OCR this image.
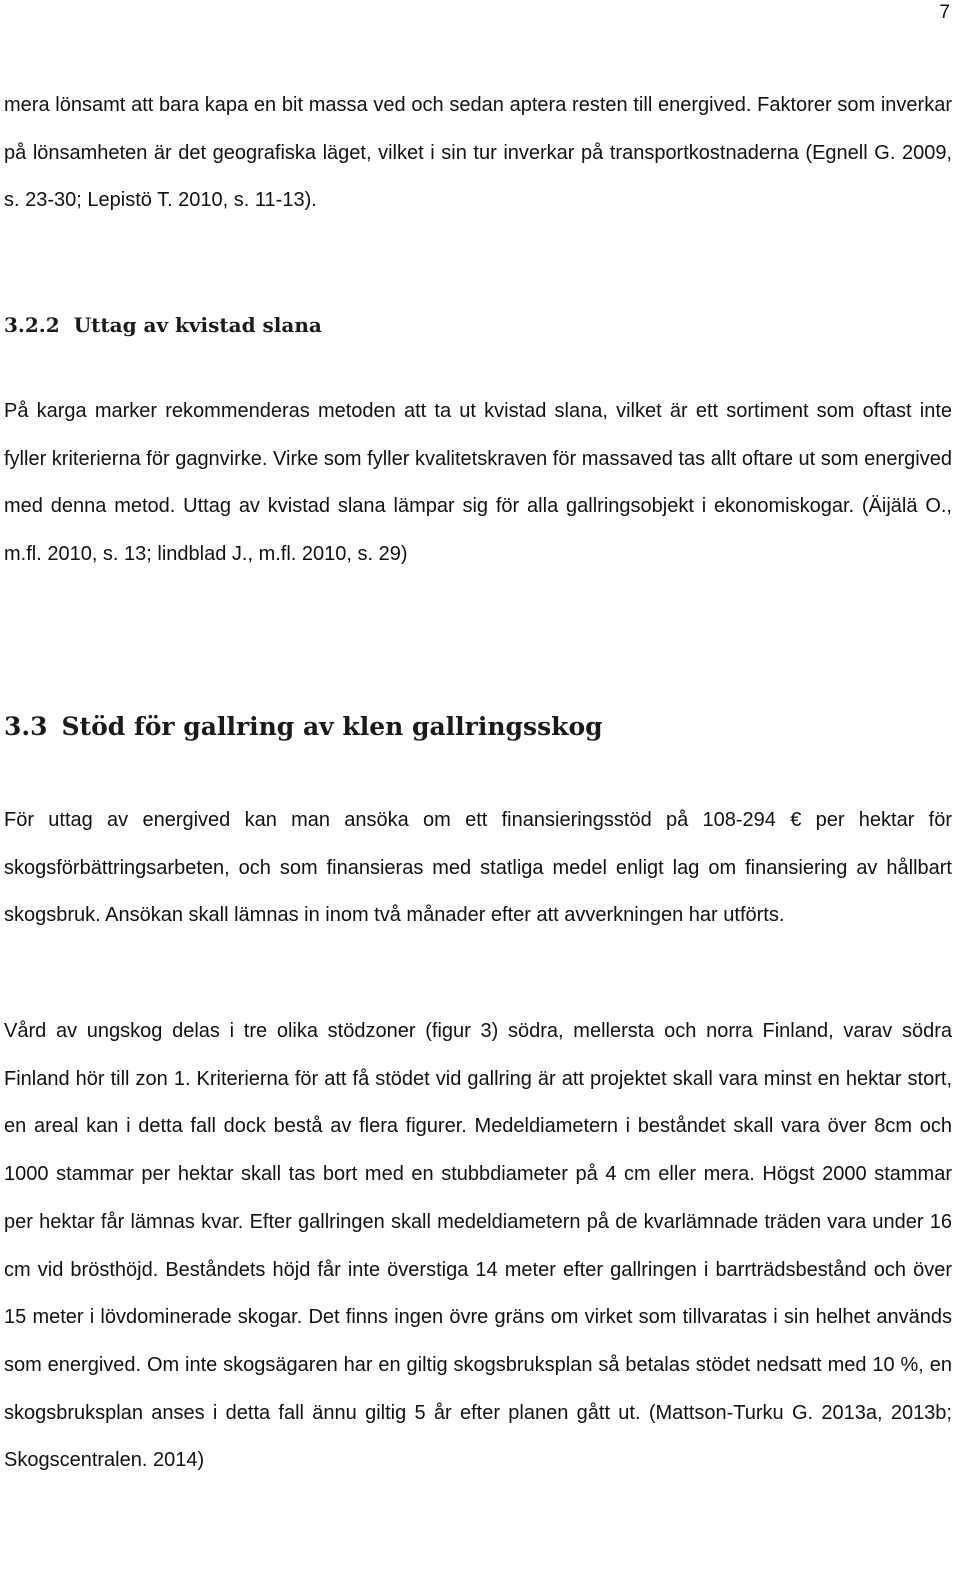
7

mera lönsamt att bara kapa en bit massa ved och sedan aptera resten till energived. Faktorer som inverkar på lönsamheten är det geografiska läget, vilket i sin tur inverkar på transportkostnaderna (Egnell G. 2009, s. 23-30; Lepistö T. 2010, s. 11-13).

3.2.2 Uttag av kvistad slana

På karga marker rekommenderas metoden att ta ut kvistad slana, vilket är ett sortiment som oftast inte fyller kriterierna för gagnvirke. Virke som fyller kvalitetskraven för massaved tas allt oftare ut som energived med denna metod. Uttag av kvistad slana lämpar sig för alla gallringsobjekt i ekonomiskogar. (Äijälä O., m.fl. 2010, s. 13; lindblad J., m.fl. 2010, s. 29)

3.3 Stöd för gallring av klen gallringsskog

För uttag av energived kan man ansöka om ett finansieringsstöd på 108-294 € per hektar för skogsförbättringsarbeten, och som finansieras med statliga medel enligt lag om finansiering av hållbart skogsbruk. Ansökan skall lämnas in inom två månader efter att avverkningen har utförts.

Vård av ungskog delas i tre olika stödzoner (figur 3) södra, mellersta och norra Finland, varav södra Finland hör till zon 1. Kriterierna för att få stödet vid gallring är att projektet skall vara minst en hektar stort, en areal kan i detta fall dock bestå av flera figurer. Medeldiametern i beståndet skall vara över 8cm och 1000 stammar per hektar skall tas bort med en stubbdiameter på 4 cm eller mera. Högst 2000 stammar per hektar får lämnas kvar. Efter gallringen skall medeldiametern på de kvarlämnade träden vara under 16 cm vid brösthöjd. Beståndets höjd får inte överstiga 14 meter efter gallringen i barrträdsbestånd och över 15 meter i lövdominerade skogar. Det finns ingen övre gräns om virket som tillvaratas i sin helhet används som energived. Om inte skogsägaren har en giltig skogsbruksplan så betalas stödet nedsatt med 10 %, en skogsbruksplan anses i detta fall ännu giltig 5 år efter planen gått ut. (Mattson-Turku G. 2013a, 2013b; Skogscentralen. 2014)
